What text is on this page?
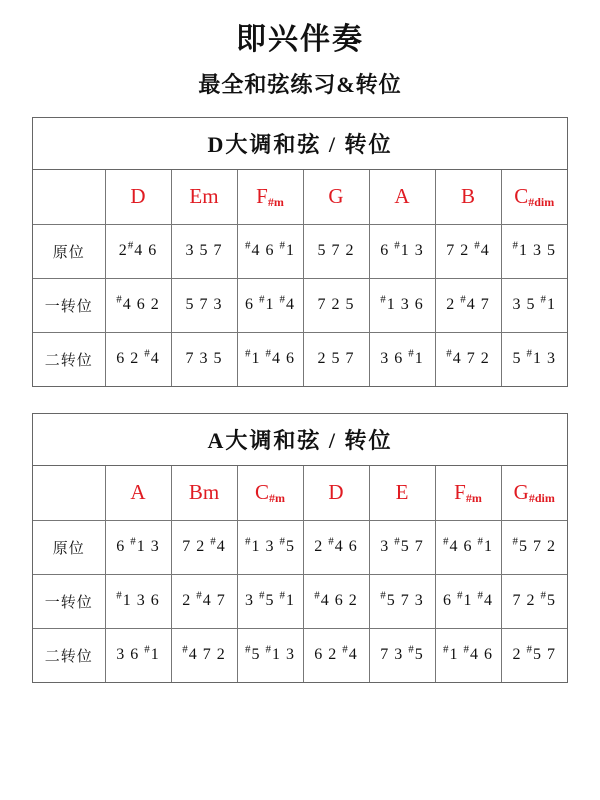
即兴伴奏
最全和弦练习&转位
D大调和弦 / 转位
	D	Em	$F_{\#m}$	G	A	B	$C_{\#dim}$
原位	2#4 6	3 5 7	#4 6 #1	5 7 2	6 #1 3	7 2 #4	#1 3 5
一转位	#4 6 2	5 7 3	6 #1 #4	7 2 5	#1 3 6	2 #4 7	3 5 #1
二转位	6 2 #4	7 3 5	#1 #4 6	2 5 7	3 6 #1	#4 7 2	5 #1 3
A大调和弦 / 转位
	A	Bm	$C_{\#m}$	D	E	$F_{\#m}$	$G_{\#dim}$
原位	6 #1 3	7 2 #4	#1 3 #5	2 #4 6	3 #5 7	#4 6 #1	#5 7 2
一转位	#1 3 6	2 #4 7	3 #5 #1	#4 6 2	#5 7 3	6 #1 #4	7 2 #5
二转位	3 6 #1	#4 7 2	#5 #1 3	6 2 #4	7 3 #5	#1 #4 6	2 #5 7
